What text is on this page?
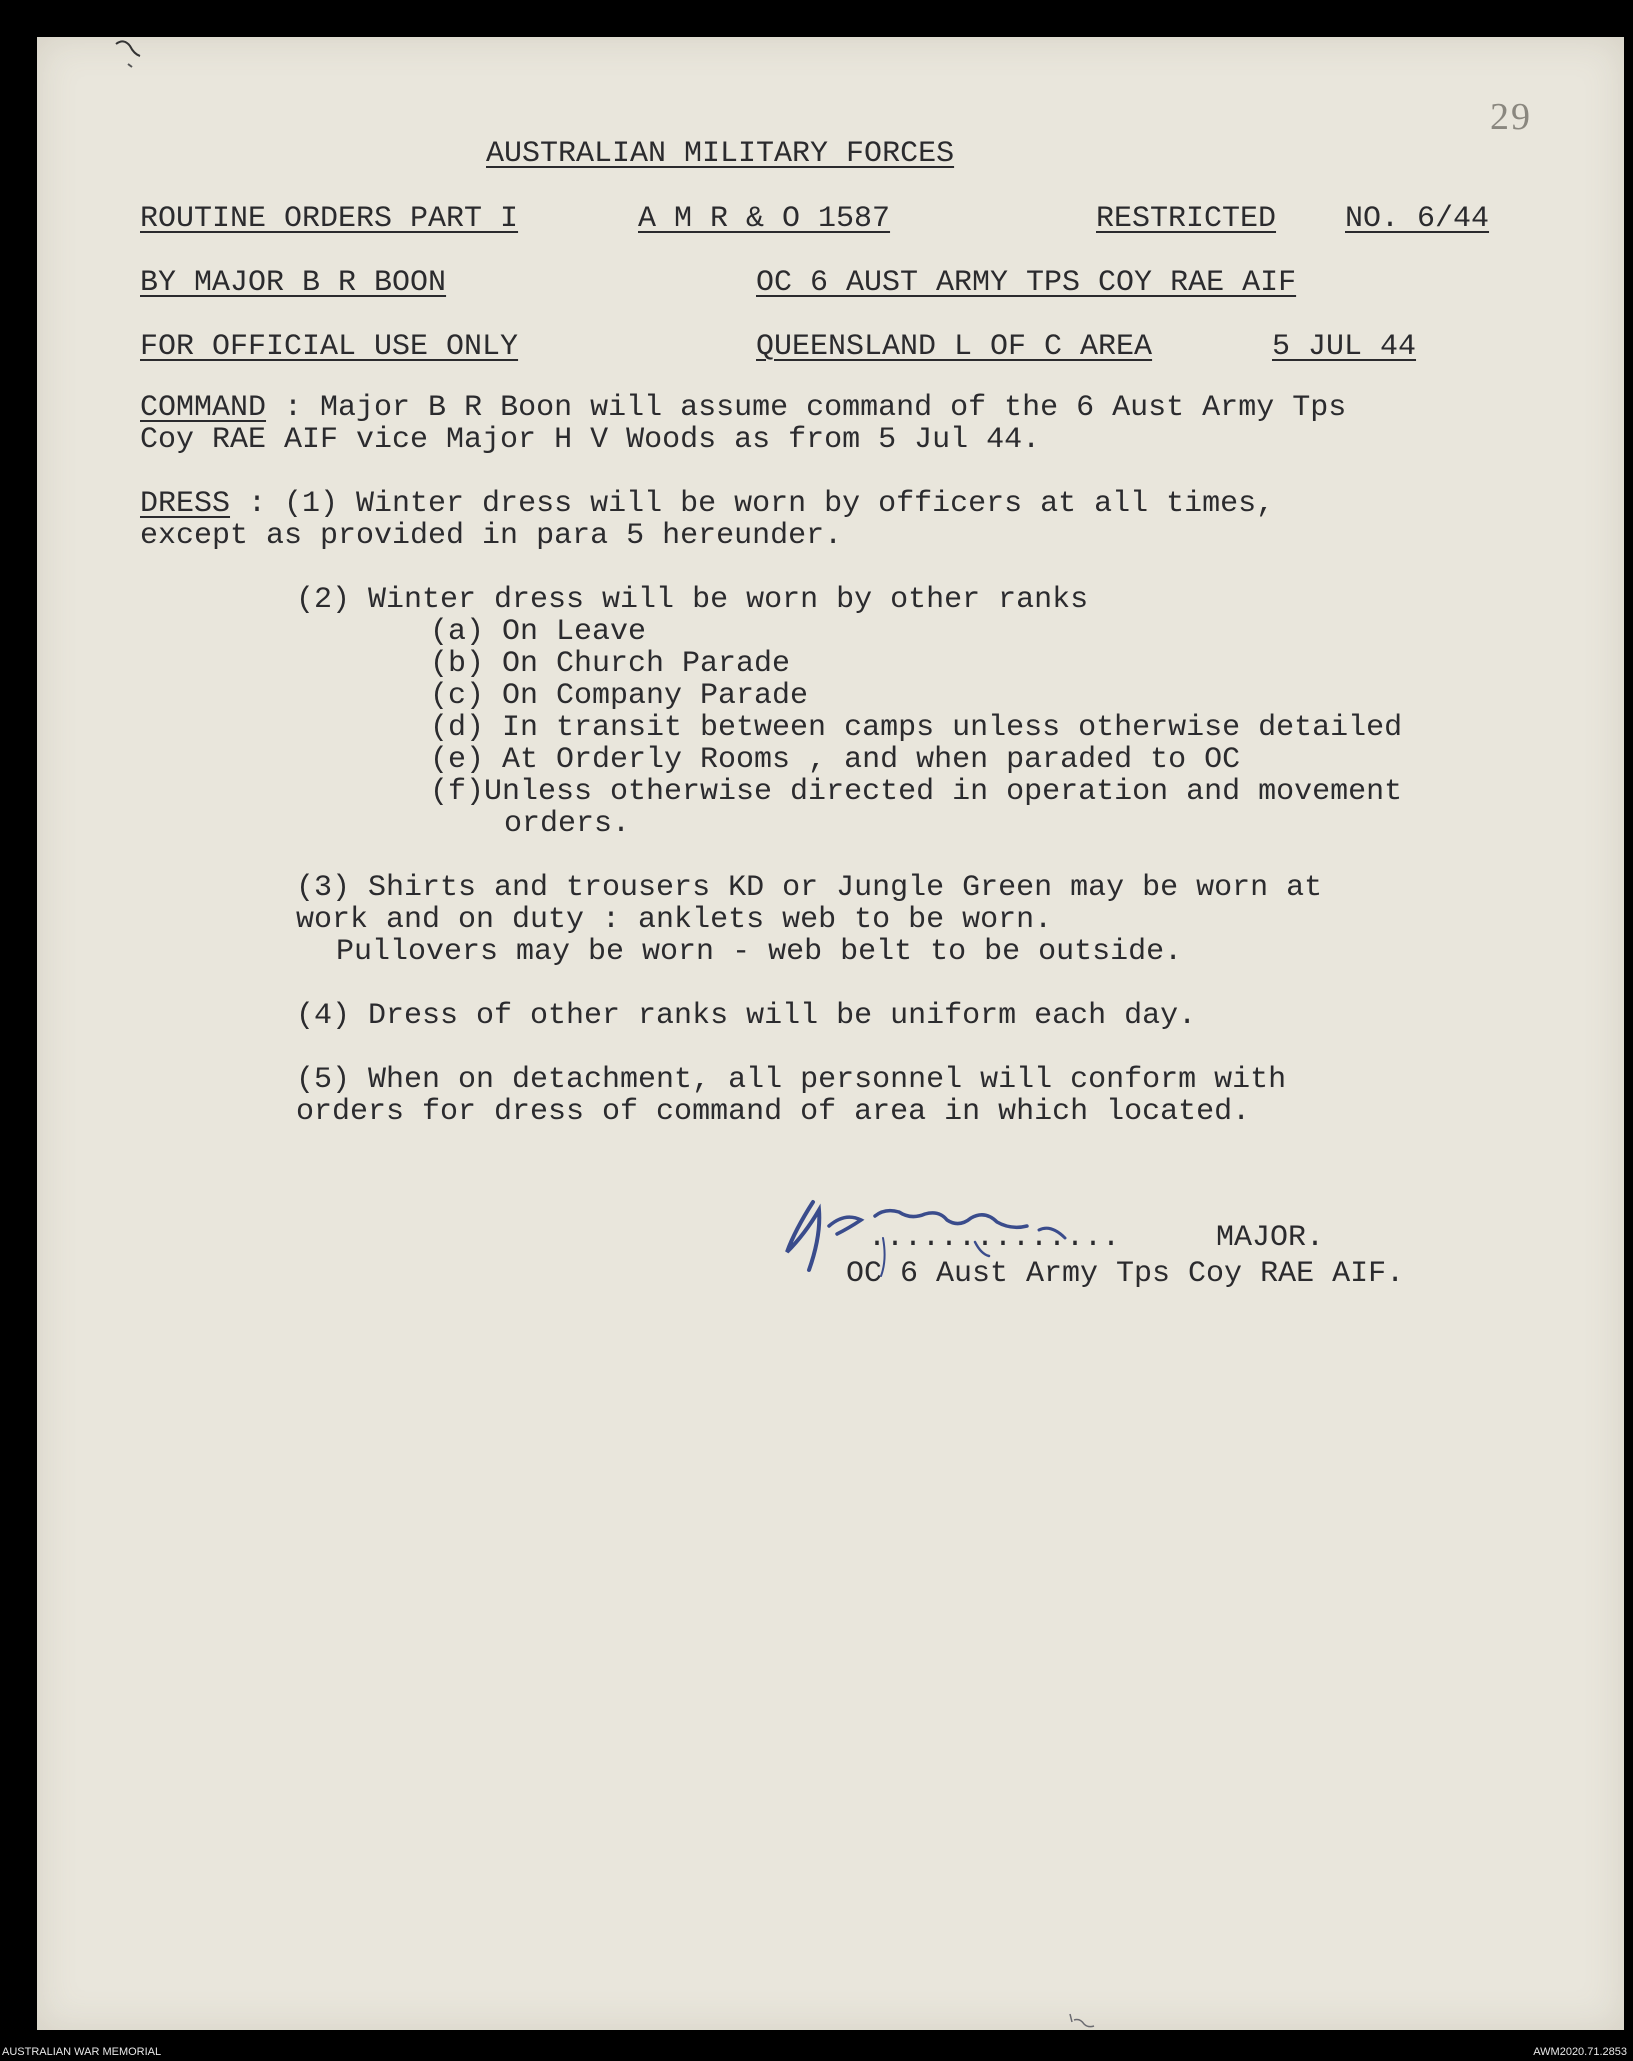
29
AUSTRALIAN MILITARY FORCES
ROUTINE ORDERS PART I	A M R & O 1587	RESTRICTED NO. 6/44
BY MAJOR B R BOON	OC 6 AUST ARMY TPS COY RAE AIF
FOR OFFICIAL USE ONLY	QUEENSLAND L OF C AREA	5 JUL 44
COMMAND : Major B R Boon will assume command of the 6 Aust Army Tps
Coy RAE AIF vice Major H V Woods as from 5 Jul 44.
DRESS : (1) Winter dress will be worn by officers at all times,
except as provided in para 5 hereunder.
(2) Winter dress will be worn by other ranks
(a) On Leave
(b) On Church Parade
(c) On Company Parade
(d) In transit between camps unless otherwise detailed
(e) At Orderly Rooms , and when paraded to OC
(f)Unless otherwise directed in operation and movement
orders.
(3) Shirts and trousers KD or Jungle Green may be worn at
work and on duty : anklets web to be worn.
Pullovers may be worn - web belt to be outside.
(4) Dress of other ranks will be uniform each day.
(5) When on detachment, all personnel will conform with
orders for dress of command of area in which located.
..............	MAJOR.
OC 6 Aust Army Tps Coy RAE AIF.
AUSTRALIAN WAR MEMORIAL	AWM2020.71.2853
